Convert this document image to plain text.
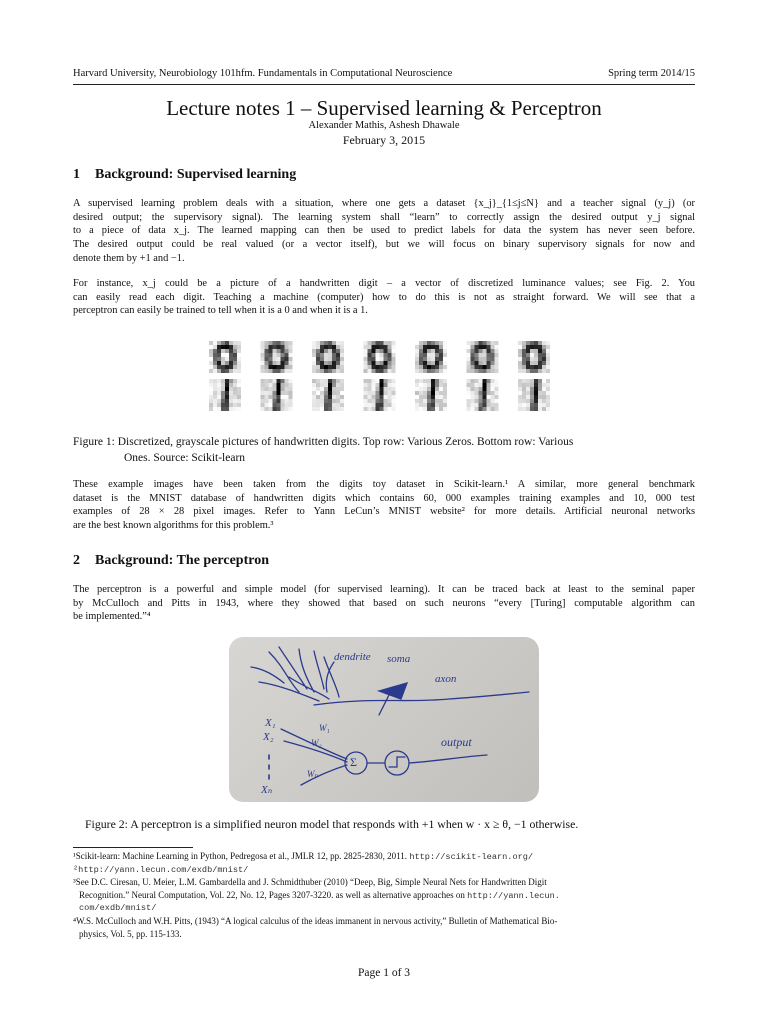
Harvard University, Neurobiology 101hfm. Fundamentals in Computational Neuroscience	Spring term 2014/15
Lecture notes 1 – Supervised learning & Perceptron
Alexander Mathis, Ashesh Dhawale
February 3, 2015
1 Background: Supervised learning
A supervised learning problem deals with a situation, where one gets a dataset {x_j}_{1≤j≤N} and a teacher signal (y_j) (or
desired output; the supervisory signal). The learning system shall “learn” to correctly assign the desired output y_j signal
to a piece of data x_j. The learned mapping can then be used to predict labels for data the system has never seen before.
The desired output could be real valued (or a vector itself), but we will focus on binary supervisory signals for now and
denote them by +1 and −1.
For instance, x_j could be a picture of a handwritten digit – a vector of discretized luminance values; see Fig. 2. You
can easily read each digit. Teaching a machine (computer) how to do this is not as straight forward. We will see that a
perceptron can easily be trained to tell when it is a 0 and when it is a 1.
Figure 1: Discretized, grayscale pictures of handwritten digits. Top row: Various Zeros. Bottom row: Various
Ones. Source: Scikit-learn
These example images have been taken from the digits toy dataset in Scikit-learn.¹ A similar, more general benchmark
dataset is the MNIST database of handwritten digits which contains 60, 000 examples training examples and 10, 000 test
examples of 28 × 28 pixel images. Refer to Yann LeCun’s MNIST website² for more details. Artificial neuronal networks
are the best known algorithms for this problem.³
2 Background: The perceptron
The perceptron is a powerful and simple model (for supervised learning). It can be traced back at least to the seminal paper
by McCulloch and Pitts in 1943, where they showed that based on such neurons “every [Turing] computable algorithm can
be implemented.”⁴
dendrite soma
axon
output
X₁
X₂
Xₙ
W₁
W₂
Wₙ
Σ
Figure 2: A perceptron is a simplified neuron model that responds with +1 when w · x ≥ θ, −1 otherwise.
¹Scikit-learn: Machine Learning in Python, Pedregosa et al., JMLR 12, pp. 2825-2830, 2011. http://scikit-learn.org/
²http://yann.lecun.com/exdb/mnist/
³See D.C. Ciresan, U. Meier, L.M. Gambardella and J. Schmidthuber (2010) “Deep, Big, Simple Neural Nets for Handwritten Digit
Recognition.” Neural Computation, Vol. 22, No. 12, Pages 3207-3220. as well as alternative approaches on http://yann.lecun.
com/exdb/mnist/
⁴W.S. McCulloch and W.H. Pitts, (1943) “A logical calculus of the ideas immanent in nervous activity,” Bulletin of Mathematical Bio-
physics, Vol. 5, pp. 115-133.
Page 1 of 3
